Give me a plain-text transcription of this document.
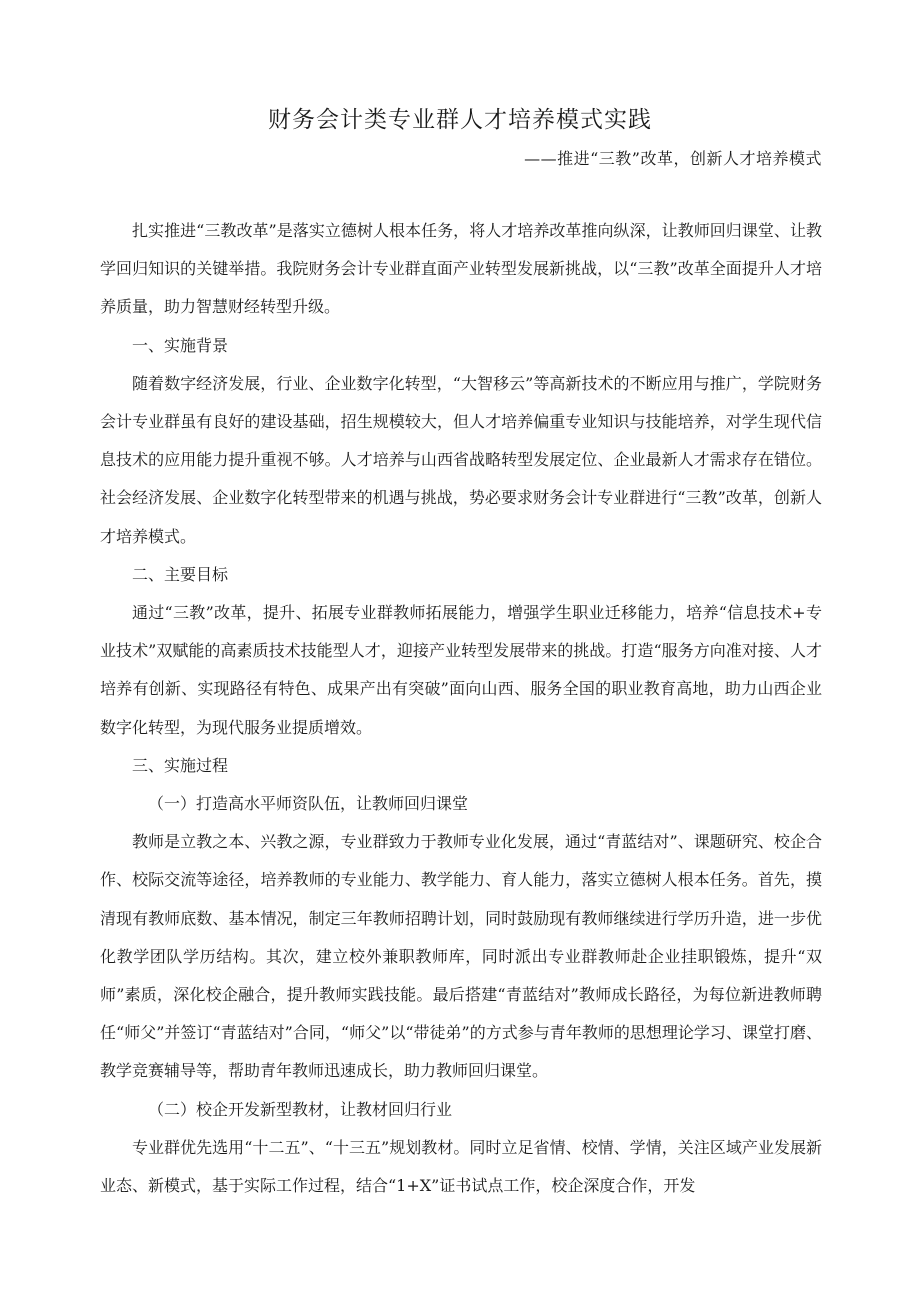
财务会计类专业群人才培养模式实践

——推进“三教”改革，创新人才培养模式

扎实推进“三教改革”是落实立德树人根本任务，将人才培养改革推向纵深，让教师回归课堂、让教学回归知识的关键举措。我院财务会计专业群直面产业转型发展新挑战，以“三教”改革全面提升人才培养质量，助力智慧财经转型升级。

一、实施背景

随着数字经济发展，行业、企业数字化转型，“大智移云”等高新技术的不断应用与推广，学院财务会计专业群虽有良好的建设基础，招生规模较大，但人才培养偏重专业知识与技能培养，对学生现代信息技术的应用能力提升重视不够。人才培养与山西省战略转型发展定位、企业最新人才需求存在错位。社会经济发展、企业数字化转型带来的机遇与挑战，势必要求财务会计专业群进行“三教”改革，创新人才培养模式。

二、主要目标

通过“三教”改革，提升、拓展专业群教师拓展能力，增强学生职业迁移能力，培养“信息技术+专业技术”双赋能的高素质技术技能型人才，迎接产业转型发展带来的挑战。打造“服务方向准对接、人才培养有创新、实现路径有特色、成果产出有突破”面向山西、服务全国的职业教育高地，助力山西企业数字化转型，为现代服务业提质增效。

三、实施过程

（一）打造高水平师资队伍，让教师回归课堂

教师是立教之本、兴教之源，专业群致力于教师专业化发展，通过“青蓝结对”、课题研究、校企合作、校际交流等途径，培养教师的专业能力、教学能力、育人能力，落实立德树人根本任务。首先，摸清现有教师底数、基本情况，制定三年教师招聘计划，同时鼓励现有教师继续进行学历升造，进一步优化教学团队学历结构。其次，建立校外兼职教师库，同时派出专业群教师赴企业挂职锻炼，提升“双师”素质，深化校企融合，提升教师实践技能。最后搭建“青蓝结对”教师成长路径，为每位新进教师聘任“师父”并签订“青蓝结对”合同，“师父”以“带徒弟”的方式参与青年教师的思想理论学习、课堂打磨、教学竞赛辅导等，帮助青年教师迅速成长，助力教师回归课堂。

（二）校企开发新型教材，让教材回归行业

专业群优先选用“十二五”、“十三五”规划教材。同时立足省情、校情、学情，关注区域产业发展新业态、新模式，基于实际工作过程，结合“1+X”证书试点工作，校企深度合作，开发
